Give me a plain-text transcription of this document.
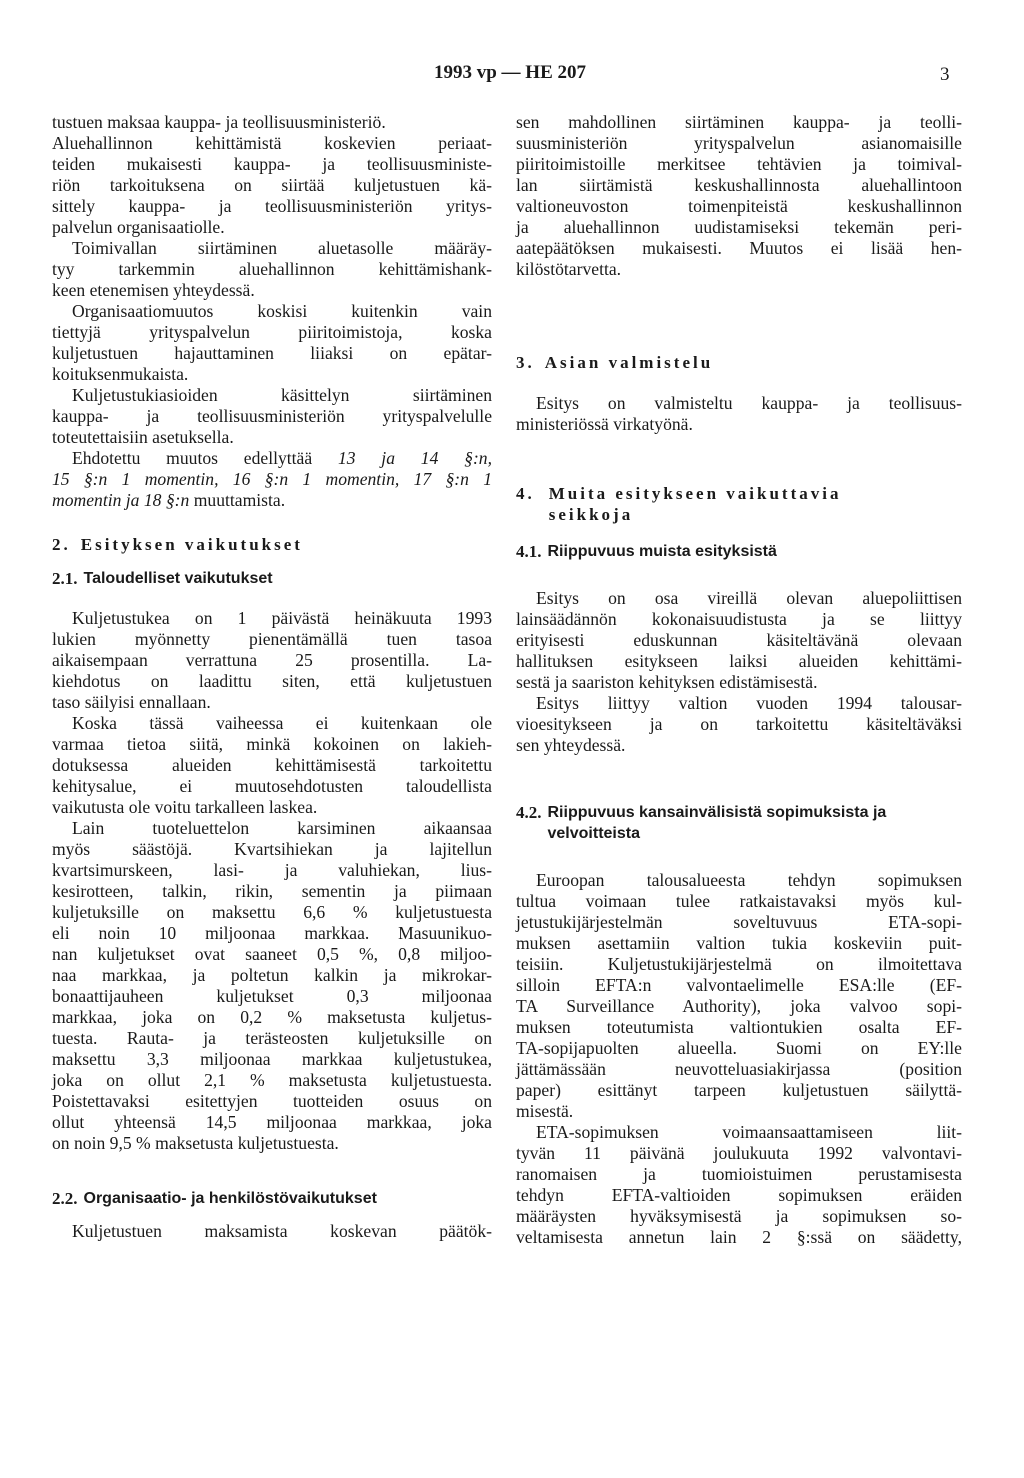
1993 vp — HE 207	3

tustuen maksaa kauppa- ja teollisuusministeriö.
Aluehallinnon kehittämistä koskevien periaat-
teiden mukaisesti kauppa- ja teollisuusministe-
riön tarkoituksena on siirtää kuljetustuen kä-
sittely kauppa- ja teollisuusministeriön yritys-
palvelun organisaatiolle.

Toimivallan siirtäminen aluetasolle määräy-
tyy tarkemmin aluehallinnon kehittämishank-
keen etenemisen yhteydessä.

Organisaatiomuutos koskisi kuitenkin vain
tiettyjä yrityspalvelun piiritoimistoja, koska
kuljetustuen hajauttaminen liiaksi on epätar-
koituksenmukaista.

Kuljetustukiasioiden käsittelyn siirtäminen
kauppa- ja teollisuusministeriön yrityspalvelulle
toteutettaisiin asetuksella.

Ehdotettu muutos edellyttää 13 ja 14 §:n,
15 §:n 1 momentin, 16 §:n 1 momentin, 17 §:n 1
momentin ja 18 §:n muuttamista.

2. Esityksen vaikutukset
2.1. Taloudelliset vaikutukset

Kuljetustukea on 1 päivästä heinäkuuta 1993
lukien myönnetty pienentämällä tuen tasoa
aikaisempaan verrattuna 25 prosentilla. La-
kiehdotus on laadittu siten, että kuljetustuen
taso säilyisi ennallaan.

Koska tässä vaiheessa ei kuitenkaan ole
varmaa tietoa siitä, minkä kokoinen on lakieh-
dotuksessa alueiden kehittämisestä tarkoitettu
kehitysalue, ei muutosehdotusten taloudellista
vaikutusta ole voitu tarkalleen laskea.

Lain tuoteluettelon karsiminen aikaansaa
myös säästöjä. Kvartsihiekan ja lajitellun
kvartsimurskeen, lasi- ja valuhiekan, lius-
kesirotteen, talkin, rikin, sementin ja piimaan
kuljetuksille on maksettu 6,6 % kuljetustuesta
eli noin 10 miljoonaa markkaa. Masuunikuo-
nan kuljetukset ovat saaneet 0,5 %, 0,8 miljoo-
naa markkaa, ja poltetun kalkin ja mikrokar-
bonaattijauheen kuljetukset 0,3 miljoonaa
markkaa, joka on 0,2 % maksetusta kuljetus-
tuesta. Rauta- ja terästeosten kuljetuksille on
maksettu 3,3 miljoonaa markkaa kuljetustukea,
joka on ollut 2,1 % maksetusta kuljetustuesta.
Poistettavaksi esitettyjen tuotteiden osuus on
ollut yhteensä 14,5 miljoonaa markkaa, joka
on noin 9,5 % maksetusta kuljetustuesta.

2.2. Organisaatio- ja henkilöstövaikutukset

Kuljetustuen maksamista koskevan päätök-

sen mahdollinen siirtäminen kauppa- ja teolli-
suusministeriön yrityspalvelun asianomaisille
piiritoimistoille merkitsee tehtävien ja toimival-
lan siirtämistä keskushallinnosta aluehallintoon
valtioneuvoston toimenpiteistä keskushallinnon
ja aluehallinnon uudistamiseksi tekemän peri-
aatepäätöksen mukaisesti. Muutos ei lisää hen-
kilöstötarvetta.

3. Asian valmistelu

Esitys on valmisteltu kauppa- ja teollisuus-
ministeriössä virkatyönä.

4. Muita esitykseen vaikuttavia
seikkoja
4.1. Riippuvuus muista esityksistä

Esitys on osa vireillä olevan aluepoliittisen
lainsäädännön kokonaisuudistusta ja se liittyy
erityisesti eduskunnan käsiteltävänä olevaan
hallituksen esitykseen laiksi alueiden kehittämi-
sestä ja saariston kehityksen edistämisestä.

Esitys liittyy valtion vuoden 1994 talousar-
vioesitykseen ja on tarkoitettu käsiteltäväksi
sen yhteydessä.

4.2. Riippuvuus kansainvälisistä sopimuksista ja
velvoitteista

Euroopan talousalueesta tehdyn sopimuksen
tultua voimaan tulee ratkaistavaksi myös kul-
jetustukijärjestelmän soveltuvuus ETA-sopi-
muksen asettamiin valtion tukia koskeviin puit-
teisiin. Kuljetustukijärjestelmä on ilmoitettava
silloin EFTA:n valvontaelimelle ESA:lle (EF-
TA Surveillance Authority), joka valvoo sopi-
muksen toteutumista valtiontukien osalta EF-
TA-sopijapuolten alueella. Suomi on EY:lle
jättämässään neuvotteluasiakirjassa (position
paper) esittänyt tarpeen kuljetustuen säilyttä-
misestä.

ETA-sopimuksen voimaansaattamiseen liit-
tyvän 11 päivänä joulukuuta 1992 valvontavi-
ranomaisen ja tuomioistuimen perustamisesta
tehdyn EFTA-valtioiden sopimuksen eräiden
määräysten hyväksymisestä ja sopimuksen so-
veltamisesta annetun lain 2 §:ssä on säädetty,
